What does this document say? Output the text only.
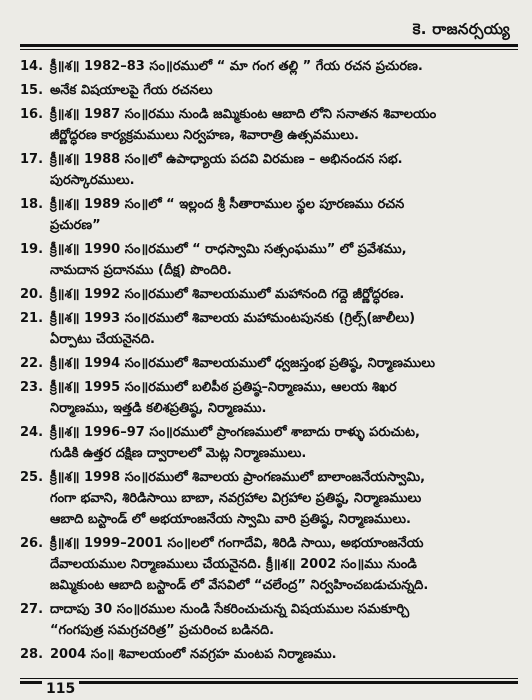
కె. రాజనర్సయ్య
14. క్రీ॥శ॥ 1982–83 సం॥రములో “ మా గంగ తల్లి ” గేయ రచన ప్రచురణ.
15. అనేక విషయాలపై గేయ రచనలు
16. క్రీ॥శ॥ 1987 సం॥రము నుండి జమ్మికుంట ఆబాది లోని సనాతన శివాలయం
జీర్ణోద్ధరణ కార్యక్రమములు నిర్వహణ, శివారాత్రి ఉత్సవములు.
17. క్రీ॥శ॥ 1988 సం॥లో ఉపాధ్యాయ పదవి విరమణ – అభినందన సభ.
పురస్కారములు.
18. క్రీ॥శ॥ 1989 సం॥లో “ ఇల్లంద శ్రీ సీతారాముల స్థల పూరణము రచన
ప్రచురణ”
19. క్రీ॥శ॥ 1990 సం॥రములో “ రాధస్వామి సత్సంఘము” లో ప్రవేశము,
నామదాన ప్రదానము (దీక్ష) పొందిరి.
20. క్రీ॥శ॥ 1992 సం॥రములో శివాలయములో మహానంది గద్దె జీర్ణోద్ధరణ.
21. క్రీ॥శ॥ 1993 సం॥రములో శివాలయ మహామంటపునకు (గ్రిల్స్(జాలీలు)
ఏర్పాటు చేయనైనది.
22. క్రీ॥శ॥ 1994 సం॥రములో శివాలయములో ధ్వజస్తంభ ప్రతిష్ఠ, నిర్మాణములు
23. క్రీ॥శ॥ 1995 సం॥రములో బలిపీఠ ప్రతిష్ఠ–నిర్మాణము, ఆలయ శిఖర
నిర్మాణము, ఇత్తడి కలిశప్రతిష్ఠ, నిర్మాణము.
24. క్రీ॥శ॥ 1996–97 సం॥రములో ప్రాంగణములో శాబాదు రాళ్ళు పరుచుట,
గుడికి ఉత్తర దక్షిణ ద్వారాలలో మెట్ల నిర్మాణములు.
25. క్రీ॥శ॥ 1998 సం॥రములో శివాలయ ప్రాంగణములో బాలాంజనేయస్వామి,
గంగా భవాని, శిరిడిసాయి బాబా, నవగ్రహాల విగ్రహాల ప్రతిష్ఠ, నిర్మాణములు
ఆబాది బస్టాండ్ లో అభయాంజనేయ స్వామి వారి ప్రతిష్ఠ, నిర్మాణములు.
26. క్రీ॥శ॥ 1999–2001 సం॥లలో గంగాదేవి, శిరిడి సాయి, అభయాంజనేయ
దేవాలయముల నిర్మాణములు చేయనైనది. క్రీ॥శ॥ 2002 సం॥ము నుండి
జమ్మికుంట ఆబాది బస్టాండ్ లో వేసవిలో “చలేంద్ర” నిర్వహించబడుచున్నది.
27. దాదాపు 30 సం॥రముల నుండి సేకరించుచున్న విషయముల సమకూర్చి
“గంగపుత్ర సమగ్రచరిత్ర” ప్రచురించ బడినది.
28. 2004 సం॥ శివాలయంలో నవగ్రహ మంటప నిర్మాణము.
115
